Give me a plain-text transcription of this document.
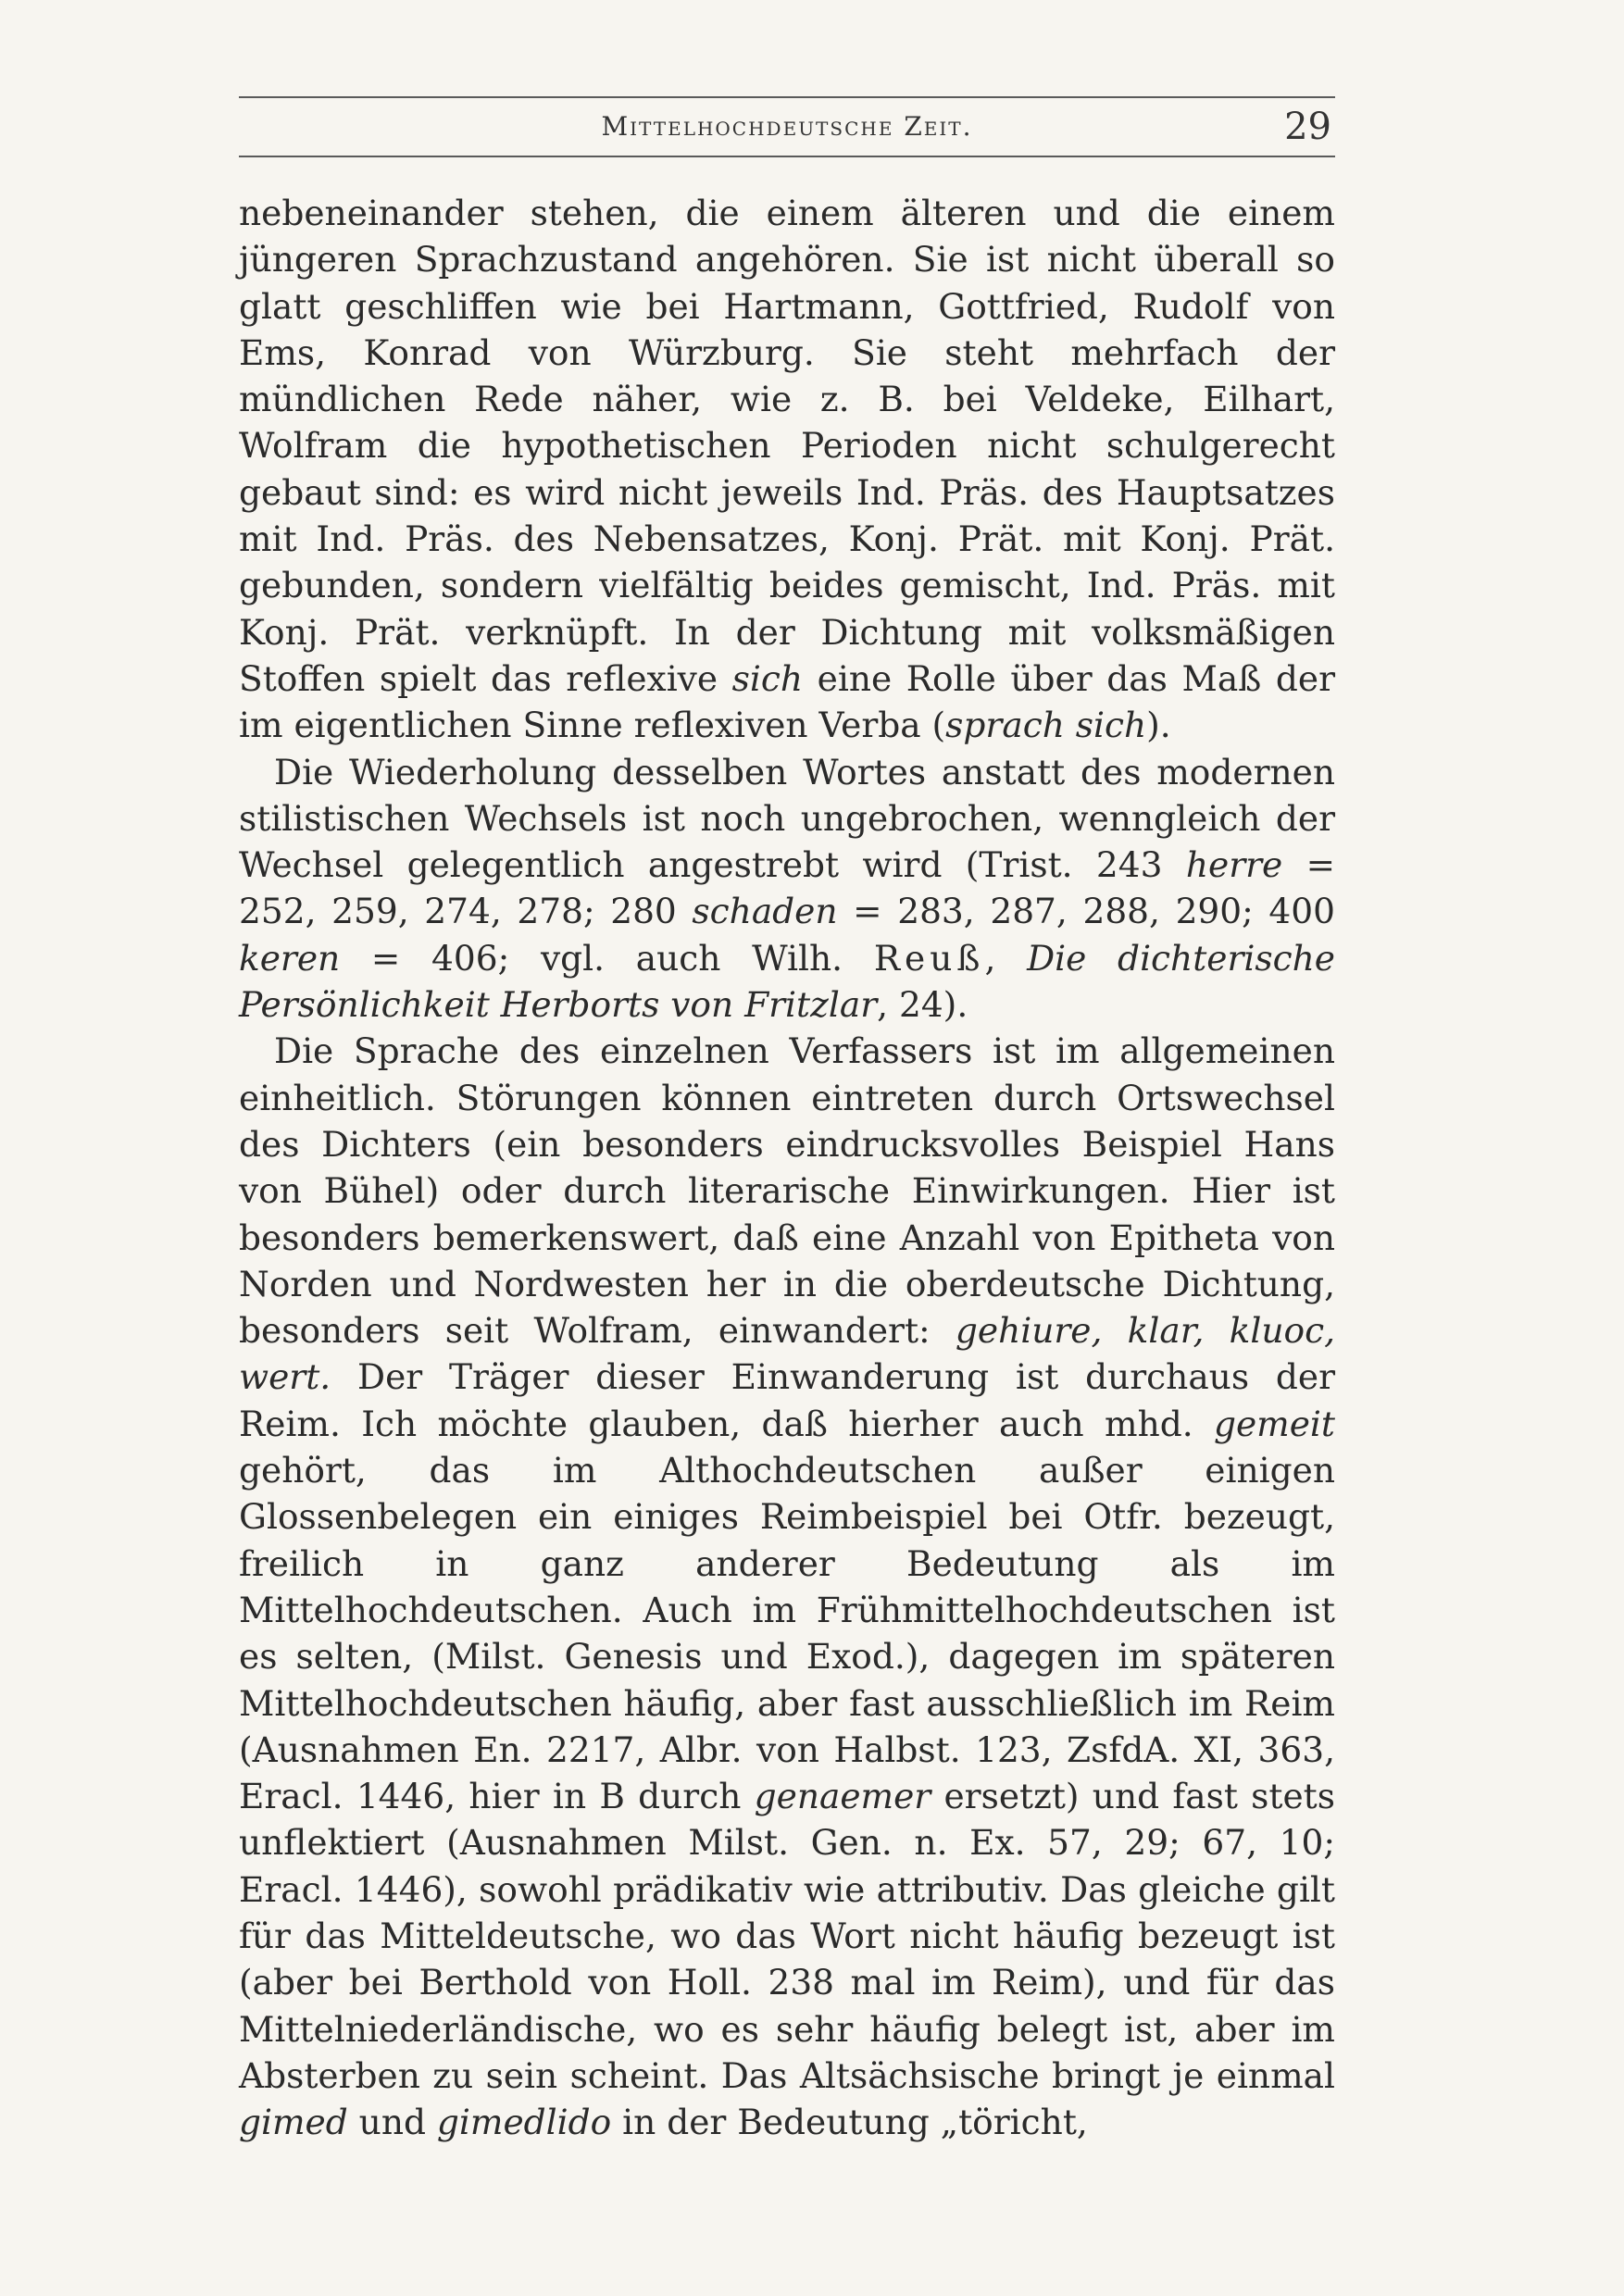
Mittelhochdeutsche Zeit.	29

nebeneinander stehen, die einem älteren und die einem jüngeren Sprachzustand angehören. Sie ist nicht überall so glatt geschliffen wie bei Hartmann, Gottfried, Rudolf von Ems, Konrad von Würzburg. Sie steht mehrfach der mündlichen Rede näher, wie z. B. bei Veldeke, Eilhart, Wolfram die hypothetischen Perioden nicht schulgerecht gebaut sind: es wird nicht jeweils Ind. Präs. des Hauptsatzes mit Ind. Präs. des Nebensatzes, Konj. Prät. mit Konj. Prät. gebunden, sondern vielfältig beides gemischt, Ind. Präs. mit Konj. Prät. verknüpft. In der Dichtung mit volksmäßigen Stoffen spielt das reflexive sich eine Rolle über das Maß der im eigentlichen Sinne reflexiven Verba (sprach sich).

Die Wiederholung desselben Wortes anstatt des modernen stilistischen Wechsels ist noch ungebrochen, wenngleich der Wechsel gelegentlich angestrebt wird (Trist. 243 herre = 252, 259, 274, 278; 280 schaden = 283, 287, 288, 290; 400 keren = 406; vgl. auch Wilh. Reuß, Die dichterische Persönlichkeit Herborts von Fritzlar, 24).

Die Sprache des einzelnen Verfassers ist im allgemeinen einheitlich. Störungen können eintreten durch Ortswechsel des Dichters (ein besonders eindrucksvolles Beispiel Hans von Bühel) oder durch literarische Einwirkungen. Hier ist besonders bemerkenswert, daß eine Anzahl von Epitheta von Norden und Nordwesten her in die oberdeutsche Dichtung, besonders seit Wolfram, einwandert: gehiure, klar, kluoc, wert. Der Träger dieser Einwanderung ist durchaus der Reim. Ich möchte glauben, daß hierher auch mhd. gemeit gehört, das im Althochdeutschen außer einigen Glossenbelegen ein einiges Reimbeispiel bei Otfr. bezeugt, freilich in ganz anderer Bedeutung als im Mittelhochdeutschen. Auch im Frühmittelhochdeutschen ist es selten, (Milst. Genesis und Exod.), dagegen im späteren Mittelhochdeutschen häufig, aber fast ausschließlich im Reim (Ausnahmen En. 2217, Albr. von Halbst. 123, ZsfdA. XI, 363, Eracl. 1446, hier in B durch genaemer ersetzt) und fast stets unflektiert (Ausnahmen Milst. Gen. n. Ex. 57, 29; 67, 10; Eracl. 1446), sowohl prädikativ wie attributiv. Das gleiche gilt für das Mitteldeutsche, wo das Wort nicht häufig bezeugt ist (aber bei Berthold von Holl. 238 mal im Reim), und für das Mittelniederländische, wo es sehr häufig belegt ist, aber im Absterben zu sein scheint. Das Altsächsische bringt je einmal gimed und gimedlido in der Bedeutung „töricht,
